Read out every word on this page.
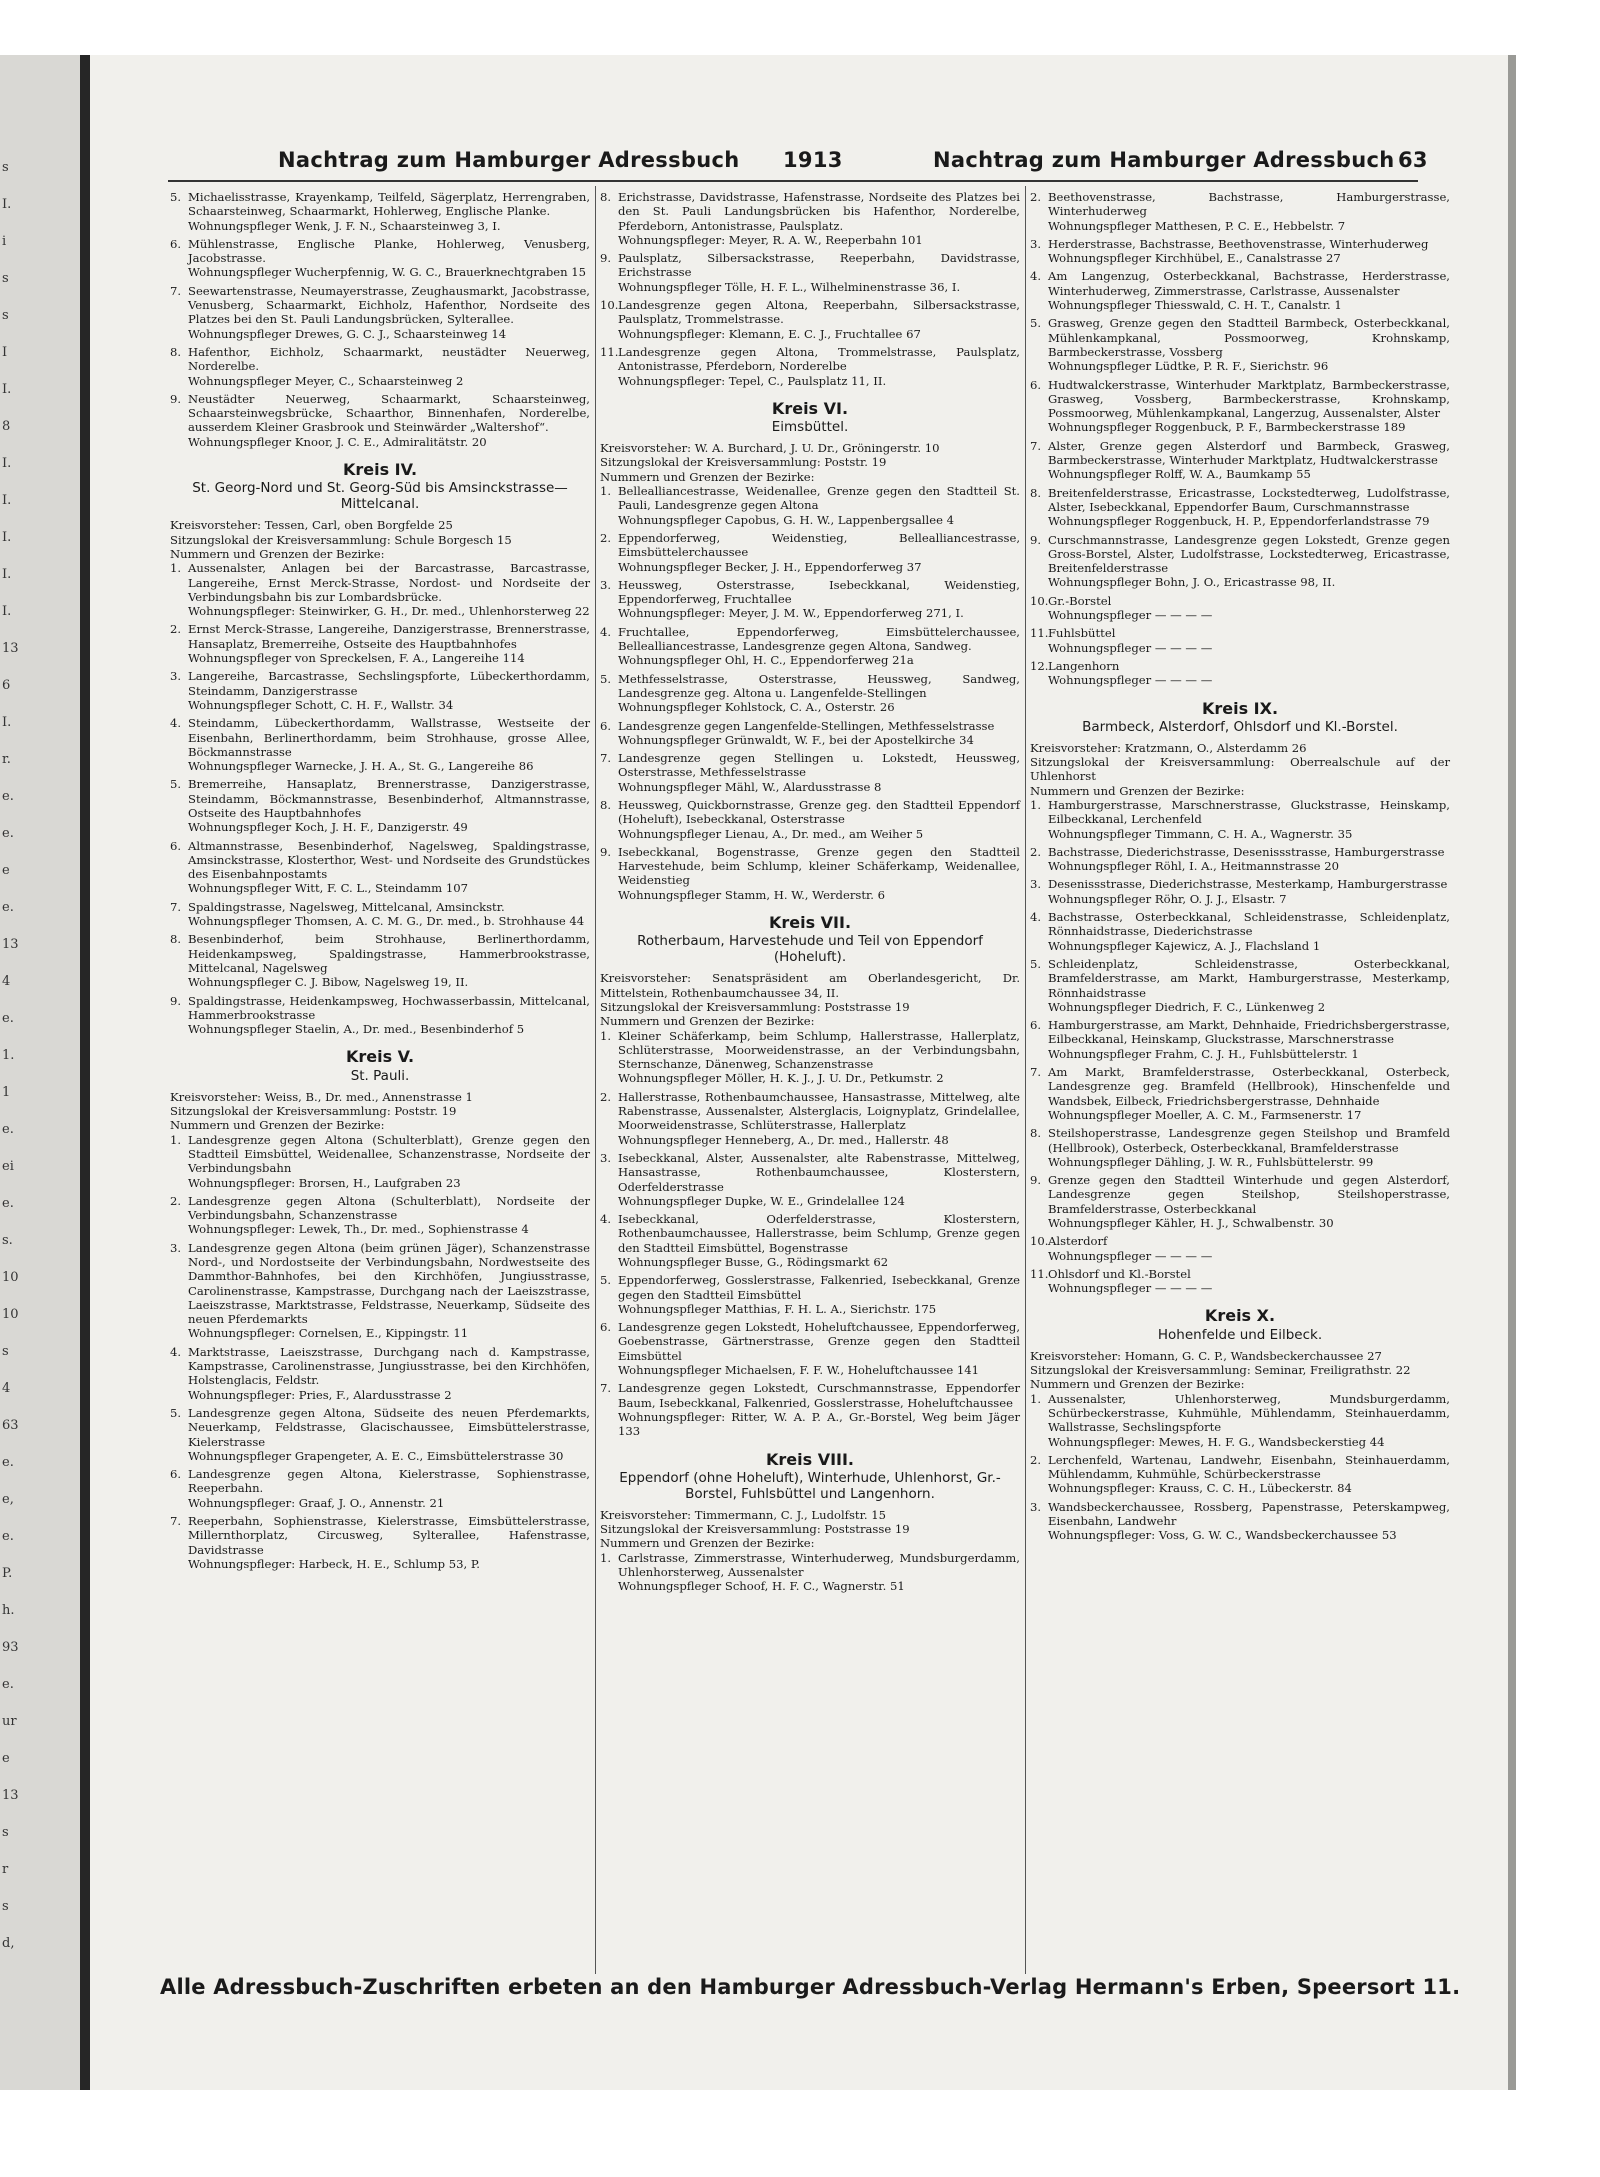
s
I.
i
s
s
I
I.
8
I.
I.
I.
I.
I.
13
6
I.
r.
e.
e.
e
e.
13
4
e.
1.
1
e.
ei
e.
s.
10
10
s
4
63
e.
e,
e.
P.
h.
93
e.
ur
e
13
s
r
s
d,
Nachtrag zum Hamburger Adressbuch 1913	Nachtrag zum Hamburger Adressbuch 63
5. Michaelisstrasse, Krayenkamp, Teilfeld, Sägerplatz, Herrengraben, Schaarsteinweg, Schaarmarkt, Hohlerweg, Englische Planke.
Wohnungspfleger Wenk, J. F. N., Schaarsteinweg 3, I.
6. Mühlenstrasse, Englische Planke, Hohlerweg, Venusberg, Jacobstrasse.
Wohnungspfleger Wucherpfennig, W. G. C., Brauerknechtgraben 15
7. Seewartenstrasse, Neumayerstrasse, Zeughausmarkt, Jacobstrasse, Venusberg, Schaarmarkt, Eichholz, Hafenthor, Nordseite des Platzes bei den St. Pauli Landungsbrücken, Sylterallee.
Wohnungspfleger Drewes, G. C. J., Schaarsteinweg 14
8. Hafenthor, Eichholz, Schaarmarkt, neustädter Neuerweg, Norderelbe.
Wohnungspfleger Meyer, C., Schaarsteinweg 2
9. Neustädter Neuerweg, Schaarmarkt, Schaarsteinweg, Schaarsteinwegsbrücke, Schaarthor, Binnenhafen, Norderelbe, ausserdem Kleiner Grasbrook und Steinwärder „Waltershof“.
Wohnungspfleger Knoor, J. C. E., Admiralitätstr. 20
Kreis IV.
St. Georg-Nord und St. Georg-Süd bis Amsinckstrasse—Mittelcanal.
Kreisvorsteher: Tessen, Carl, oben Borgfelde 25
Sitzungslokal der Kreisversammlung: Schule Borgesch 15
Nummern und Grenzen der Bezirke:
1. Aussenalster, Anlagen bei der Barcastrasse, Barcastrasse, Langereihe, Ernst Merck-Strasse, Nordost- und Nordseite der Verbindungsbahn bis zur Lombardsbrücke.
Wohnungspfleger: Steinwirker, G. H., Dr. med., Uhlenhorsterweg 22
2. Ernst Merck-Strasse, Langereihe, Danzigerstrasse, Brennerstrasse, Hansaplatz, Bremerreihe, Ostseite des Hauptbahnhofes
Wohnungspfleger von Spreckelsen, F. A., Langereihe 114
3. Langereihe, Barcastrasse, Sechslingspforte, Lübeckerthordamm, Steindamm, Danzigerstrasse
Wohnungspfleger Schott, C. H. F., Wallstr. 34
4. Steindamm, Lübeckerthordamm, Wallstrasse, Westseite der Eisenbahn, Berlinerthordamm, beim Strohhause, grosse Allee, Böckmannstrasse
Wohnungspfleger Warnecke, J. H. A., St. G., Langereihe 86
5. Bremerreihe, Hansaplatz, Brennerstrasse, Danzigerstrasse, Steindamm, Böckmannstrasse, Besenbinderhof, Altmannstrasse, Ostseite des Hauptbahnhofes
Wohnungspfleger Koch, J. H. F., Danzigerstr. 49
6. Altmannstrasse, Besenbinderhof, Nagelsweg, Spaldingstrasse, Amsinckstrasse, Klosterthor, West- und Nordseite des Grundstückes des Eisenbahnpostamts
Wohnungspfleger Witt, F. C. L., Steindamm 107
7. Spaldingstrasse, Nagelsweg, Mittelcanal, Amsinckstr.
Wohnungspfleger Thomsen, A. C. M. G., Dr. med., b. Strohhause 44
8. Besenbinderhof, beim Strohhause, Berlinerthordamm, Heidenkampsweg, Spaldingstrasse, Hammerbrookstrasse, Mittelcanal, Nagelsweg
Wohnungspfleger C. J. Bibow, Nagelsweg 19, II.
9. Spaldingstrasse, Heidenkampsweg, Hochwasserbassin, Mittelcanal, Hammerbrookstrasse
Wohnungspfleger Staelin, A., Dr. med., Besenbinderhof 5
Kreis V.
St. Pauli.
Kreisvorsteher: Weiss, B., Dr. med., Annenstrasse 1
Sitzungslokal der Kreisversammlung: Poststr. 19
Nummern und Grenzen der Bezirke:
1. Landesgrenze gegen Altona (Schulterblatt), Grenze gegen den Stadtteil Eimsbüttel, Weidenallee, Schanzenstrasse, Nordseite der Verbindungsbahn
Wohnungspfleger: Brorsen, H., Laufgraben 23
2. Landesgrenze gegen Altona (Schulterblatt), Nordseite der Verbindungsbahn, Schanzenstrasse
Wohnungspfleger: Lewek, Th., Dr. med., Sophienstrasse 4
3. Landesgrenze gegen Altona (beim grünen Jäger), Schanzenstrasse Nord-, und Nordostseite der Verbindungsbahn, Nordwestseite des Dammthor-Bahnhofes, bei den Kirchhöfen, Jungiusstrasse, Carolinenstrasse, Kampstrasse, Durchgang nach der Laeiszstrasse, Laeiszstrasse, Marktstrasse, Feldstrasse, Neuerkamp, Südseite des neuen Pferdemarkts
Wohnungspfleger: Cornelsen, E., Kippingstr. 11
4. Marktstrasse, Laeiszstrasse, Durchgang nach d. Kampstrasse, Kampstrasse, Carolinenstrasse, Jungiusstrasse, bei den Kirchhöfen, Holstenglacis, Feldstr.
Wohnungspfleger: Pries, F., Alardusstrasse 2
5. Landesgrenze gegen Altona, Südseite des neuen Pferdemarkts, Neuerkamp, Feldstrasse, Glacischaussee, Eimsbüttelerstrasse, Kielerstrasse
Wohnungspfleger Grapengeter, A. E. C., Eimsbüttelerstrasse 30
6. Landesgrenze gegen Altona, Kielerstrasse, Sophienstrasse, Reeperbahn.
Wohnungspfleger: Graaf, J. O., Annenstr. 21
7. Reeperbahn, Sophienstrasse, Kielerstrasse, Eimsbüttelerstrasse, Millernthorplatz, Circusweg, Sylterallee, Hafenstrasse, Davidstrasse
Wohnungspfleger: Harbeck, H. E., Schlump 53, P.
8. Erichstrasse, Davidstrasse, Hafenstrasse, Nordseite des Platzes bei den St. Pauli Landungsbrücken bis Hafenthor, Norderelbe, Pferdeborn, Antonistrasse, Paulsplatz.
Wohnungspfleger: Meyer, R. A. W., Reeperbahn 101
9. Paulsplatz, Silbersackstrasse, Reeperbahn, Davidstrasse, Erichstrasse
Wohnungspfleger Tölle, H. F. L., Wilhelminenstrasse 36, I.
10.Landesgrenze gegen Altona, Reeperbahn, Silbersackstrasse, Paulsplatz, Trommelstrasse.
Wohnungspfleger: Klemann, E. C. J., Fruchtallee 67
11.Landesgrenze gegen Altona, Trommelstrasse, Paulsplatz, Antonistrasse, Pferdeborn, Norderelbe
Wohnungspfleger: Tepel, C., Paulsplatz 11, II.
Kreis VI.
Eimsbüttel.
Kreisvorsteher: W. A. Burchard, J. U. Dr., Gröningerstr. 10
Sitzungslokal der Kreisversammlung: Poststr. 19
Nummern und Grenzen der Bezirke:
1. Bellealliancestrasse, Weidenallee, Grenze gegen den Stadtteil St. Pauli, Landesgrenze gegen Altona
Wohnungspfleger Capobus, G. H. W., Lappenbergsallee 4
2. Eppendorferweg, Weidenstieg, Bellealliancestrasse, Eimsbüttelerchaussee
Wohnungspfleger Becker, J. H., Eppendorferweg 37
3. Heussweg, Osterstrasse, Isebeckkanal, Weidenstieg, Eppendorferweg, Fruchtallee
Wohnungspfleger: Meyer, J. M. W., Eppendorferweg 271, I.
4. Fruchtallee, Eppendorferweg, Eimsbüttelerchaussee, Bellealliancestrasse, Landesgrenze gegen Altona, Sandweg.
Wohnungspfleger Ohl, H. C., Eppendorferweg 21a
5. Methfesselstrasse, Osterstrasse, Heussweg, Sandweg, Landesgrenze geg. Altona u. Langenfelde-Stellingen
Wohnungspfleger Kohlstock, C. A., Osterstr. 26
6. Landesgrenze gegen Langenfelde-Stellingen, Methfesselstrasse
Wohnungspfleger Grünwaldt, W. F., bei der Apostelkirche 34
7. Landesgrenze gegen Stellingen u. Lokstedt, Heussweg, Osterstrasse, Methfesselstrasse
Wohnungspfleger Mähl, W., Alardusstrasse 8
8. Heussweg, Quickbornstrasse, Grenze geg. den Stadtteil Eppendorf (Hoheluft), Isebeckkanal, Osterstrasse
Wohnungspfleger Lienau, A., Dr. med., am Weiher 5
9. Isebeckkanal, Bogenstrasse, Grenze gegen den Stadtteil Harvestehude, beim Schlump, kleiner Schäferkamp, Weidenallee, Weidenstieg
Wohnungspfleger Stamm, H. W., Werderstr. 6
Kreis VII.
Rotherbaum, Harvestehude und Teil von Eppendorf (Hoheluft).
Kreisvorsteher: Senatspräsident am Oberlandesgericht, Dr. Mittelstein, Rothenbaumchaussee 34, II.
Sitzungslokal der Kreisversammlung: Poststrasse 19
Nummern und Grenzen der Bezirke:
1. Kleiner Schäferkamp, beim Schlump, Hallerstrasse, Hallerplatz, Schlüterstrasse, Moorweidenstrasse, an der Verbindungsbahn, Sternschanze, Dänenweg, Schanzenstrasse
Wohnungspfleger Möller, H. K. J., J. U. Dr., Petkumstr. 2
2. Hallerstrasse, Rothenbaumchaussee, Hansastrasse, Mittelweg, alte Rabenstrasse, Aussenalster, Alsterglacis, Loignyplatz, Grindelallee, Moorweidenstrasse, Schlüterstrasse, Hallerplatz
Wohnungspfleger Henneberg, A., Dr. med., Hallerstr. 48
3. Isebeckkanal, Alster, Aussenalster, alte Rabenstrasse, Mittelweg, Hansastrasse, Rothenbaumchaussee, Klosterstern, Oderfelderstrasse
Wohnungspfleger Dupke, W. E., Grindelallee 124
4. Isebeckkanal, Oderfelderstrasse, Klosterstern, Rothenbaumchaussee, Hallerstrasse, beim Schlump, Grenze gegen den Stadtteil Eimsbüttel, Bogenstrasse
Wohnungspfleger Busse, G., Rödingsmarkt 62
5. Eppendorferweg, Gosslerstrasse, Falkenried, Isebeckkanal, Grenze gegen den Stadtteil Eimsbüttel
Wohnungspfleger Matthias, F. H. L. A., Sierichstr. 175
6. Landesgrenze gegen Lokstedt, Hoheluftchaussee, Eppendorferweg, Goebenstrasse, Gärtnerstrasse, Grenze gegen den Stadtteil Eimsbüttel
Wohnungspfleger Michaelsen, F. F. W., Hoheluftchaussee 141
7. Landesgrenze gegen Lokstedt, Curschmannstrasse, Eppendorfer Baum, Isebeckkanal, Falkenried, Gosslerstrasse, Hoheluftchaussee
Wohnungspfleger: Ritter, W. A. P. A., Gr.-Borstel, Weg beim Jäger 133
Kreis VIII.
Eppendorf (ohne Hoheluft), Winterhude, Uhlenhorst, Gr.-Borstel, Fuhlsbüttel und Langenhorn.
Kreisvorsteher: Timmermann, C. J., Ludolfstr. 15
Sitzungslokal der Kreisversammlung: Poststrasse 19
Nummern und Grenzen der Bezirke:
1. Carlstrasse, Zimmerstrasse, Winterhuderweg, Mundsburgerdamm, Uhlenhorsterweg, Aussenalster
Wohnungspfleger Schoof, H. F. C., Wagnerstr. 51
2. Beethovenstrasse, Bachstrasse, Hamburgerstrasse, Winterhuderweg
Wohnungspfleger Matthesen, P. C. E., Hebbelstr. 7
3. Herderstrasse, Bachstrasse, Beethovenstrasse, Winterhuderweg
Wohnungspfleger Kirchhübel, E., Canalstrasse 27
4. Am Langenzug, Osterbeckkanal, Bachstrasse, Herderstrasse, Winterhuderweg, Zimmerstrasse, Carlstrasse, Aussenalster
Wohnungspfleger Thiesswald, C. H. T., Canalstr. 1
5. Grasweg, Grenze gegen den Stadtteil Barmbeck, Osterbeckkanal, Mühlenkampkanal, Possmoorweg, Krohnskamp, Barmbeckerstrasse, Vossberg
Wohnungspfleger Lüdtke, P. R. F., Sierichstr. 96
6. Hudtwalckerstrasse, Winterhuder Marktplatz, Barmbeckerstrasse, Grasweg, Vossberg, Barmbeckerstrasse, Krohnskamp, Possmoorweg, Mühlenkampkanal, Langerzug, Aussenalster, Alster
Wohnungspfleger Roggenbuck, P. F., Barmbeckerstrasse 189
7. Alster, Grenze gegen Alsterdorf und Barmbeck, Grasweg, Barmbeckerstrasse, Winterhuder Marktplatz, Hudtwalckerstrasse
Wohnungspfleger Rolff, W. A., Baumkamp 55
8. Breitenfelderstrasse, Ericastrasse, Lockstedterweg, Ludolfstrasse, Alster, Isebeckkanal, Eppendorfer Baum, Curschmannstrasse
Wohnungspfleger Roggenbuck, H. P., Eppendorferlandstrasse 79
9. Curschmannstrasse, Landesgrenze gegen Lokstedt, Grenze gegen Gross-Borstel, Alster, Ludolfstrasse, Lockstedterweg, Ericastrasse, Breitenfelderstrasse
Wohnungspfleger Bohn, J. O., Ericastrasse 98, II.
10.Gr.-Borstel
Wohnungspfleger — — — —
11.Fuhlsbüttel
Wohnungspfleger — — — —
12.Langenhorn
Wohnungspfleger — — — —
Kreis IX.
Barmbeck, Alsterdorf, Ohlsdorf und Kl.-Borstel.
Kreisvorsteher: Kratzmann, O., Alsterdamm 26
Sitzungslokal der Kreisversammlung: Oberrealschule auf der Uhlenhorst
Nummern und Grenzen der Bezirke:
1. Hamburgerstrasse, Marschnerstrasse, Gluckstrasse, Heinskamp, Eilbeckkanal, Lerchenfeld
Wohnungspfleger Timmann, C. H. A., Wagnerstr. 35
2. Bachstrasse, Diederichstrasse, Desenissstrasse, Hamburgerstrasse
Wohnungspfleger Röhl, I. A., Heitmannstrasse 20
3. Desenissstrasse, Diederichstrasse, Mesterkamp, Hamburgerstrasse
Wohnungspfleger Röhr, O. J. J., Elsastr. 7
4. Bachstrasse, Osterbeckkanal, Schleidenstrasse, Schleidenplatz, Rönnhaidstrasse, Diederichstrasse
Wohnungspfleger Kajewicz, A. J., Flachsland 1
5. Schleidenplatz, Schleidenstrasse, Osterbeckkanal, Bramfelderstrasse, am Markt, Hamburgerstrasse, Mesterkamp, Rönnhaidstrasse
Wohnungspfleger Diedrich, F. C., Lünkenweg 2
6. Hamburgerstrasse, am Markt, Dehnhaide, Friedrichsbergerstrasse, Eilbeckkanal, Heinskamp, Gluckstrasse, Marschnerstrasse
Wohnungspfleger Frahm, C. J. H., Fuhlsbüttelerstr. 1
7. Am Markt, Bramfelderstrasse, Osterbeckkanal, Osterbeck, Landesgrenze geg. Bramfeld (Hellbrook), Hinschenfelde und Wandsbek, Eilbeck, Friedrichsbergerstrasse, Dehnhaide
Wohnungspfleger Moeller, A. C. M., Farmsenerstr. 17
8. Steilshoperstrasse, Landesgrenze gegen Steilshop und Bramfeld (Hellbrook), Osterbeck, Osterbeckkanal, Bramfelderstrasse
Wohnungspfleger Dähling, J. W. R., Fuhlsbüttelerstr. 99
9. Grenze gegen den Stadtteil Winterhude und gegen Alsterdorf, Landesgrenze gegen Steilshop, Steilshoperstrasse, Bramfelderstrasse, Osterbeckkanal
Wohnungspfleger Kähler, H. J., Schwalbenstr. 30
10.Alsterdorf
Wohnungspfleger — — — —
11.Ohlsdorf und Kl.-Borstel
Wohnungspfleger — — — —
Kreis X.
Hohenfelde und Eilbeck.
Kreisvorsteher: Homann, G. C. P., Wandsbeckerchaussee 27
Sitzungslokal der Kreisversammlung: Seminar, Freiligrathstr. 22
Nummern und Grenzen der Bezirke:
1. Aussenalster, Uhlenhorsterweg, Mundsburgerdamm, Schürbeckerstrasse, Kuhmühle, Mühlendamm, Steinhauerdamm, Wallstrasse, Sechslingspforte
Wohnungspfleger: Mewes, H. F. G., Wandsbeckerstieg 44
2. Lerchenfeld, Wartenau, Landwehr, Eisenbahn, Steinhauerdamm, Mühlendamm, Kuhmühle, Schürbeckerstrasse
Wohnungspfleger: Krauss, C. C. H., Lübeckerstr. 84
3. Wandsbeckerchaussee, Rossberg, Papenstrasse, Peterskampweg, Eisenbahn, Landwehr
Wohnungspfleger: Voss, G. W. C., Wandsbeckerchaussee 53
Alle Adressbuch-Zuschriften erbeten an den Hamburger Adressbuch-Verlag Hermann's Erben, Speersort 11.
